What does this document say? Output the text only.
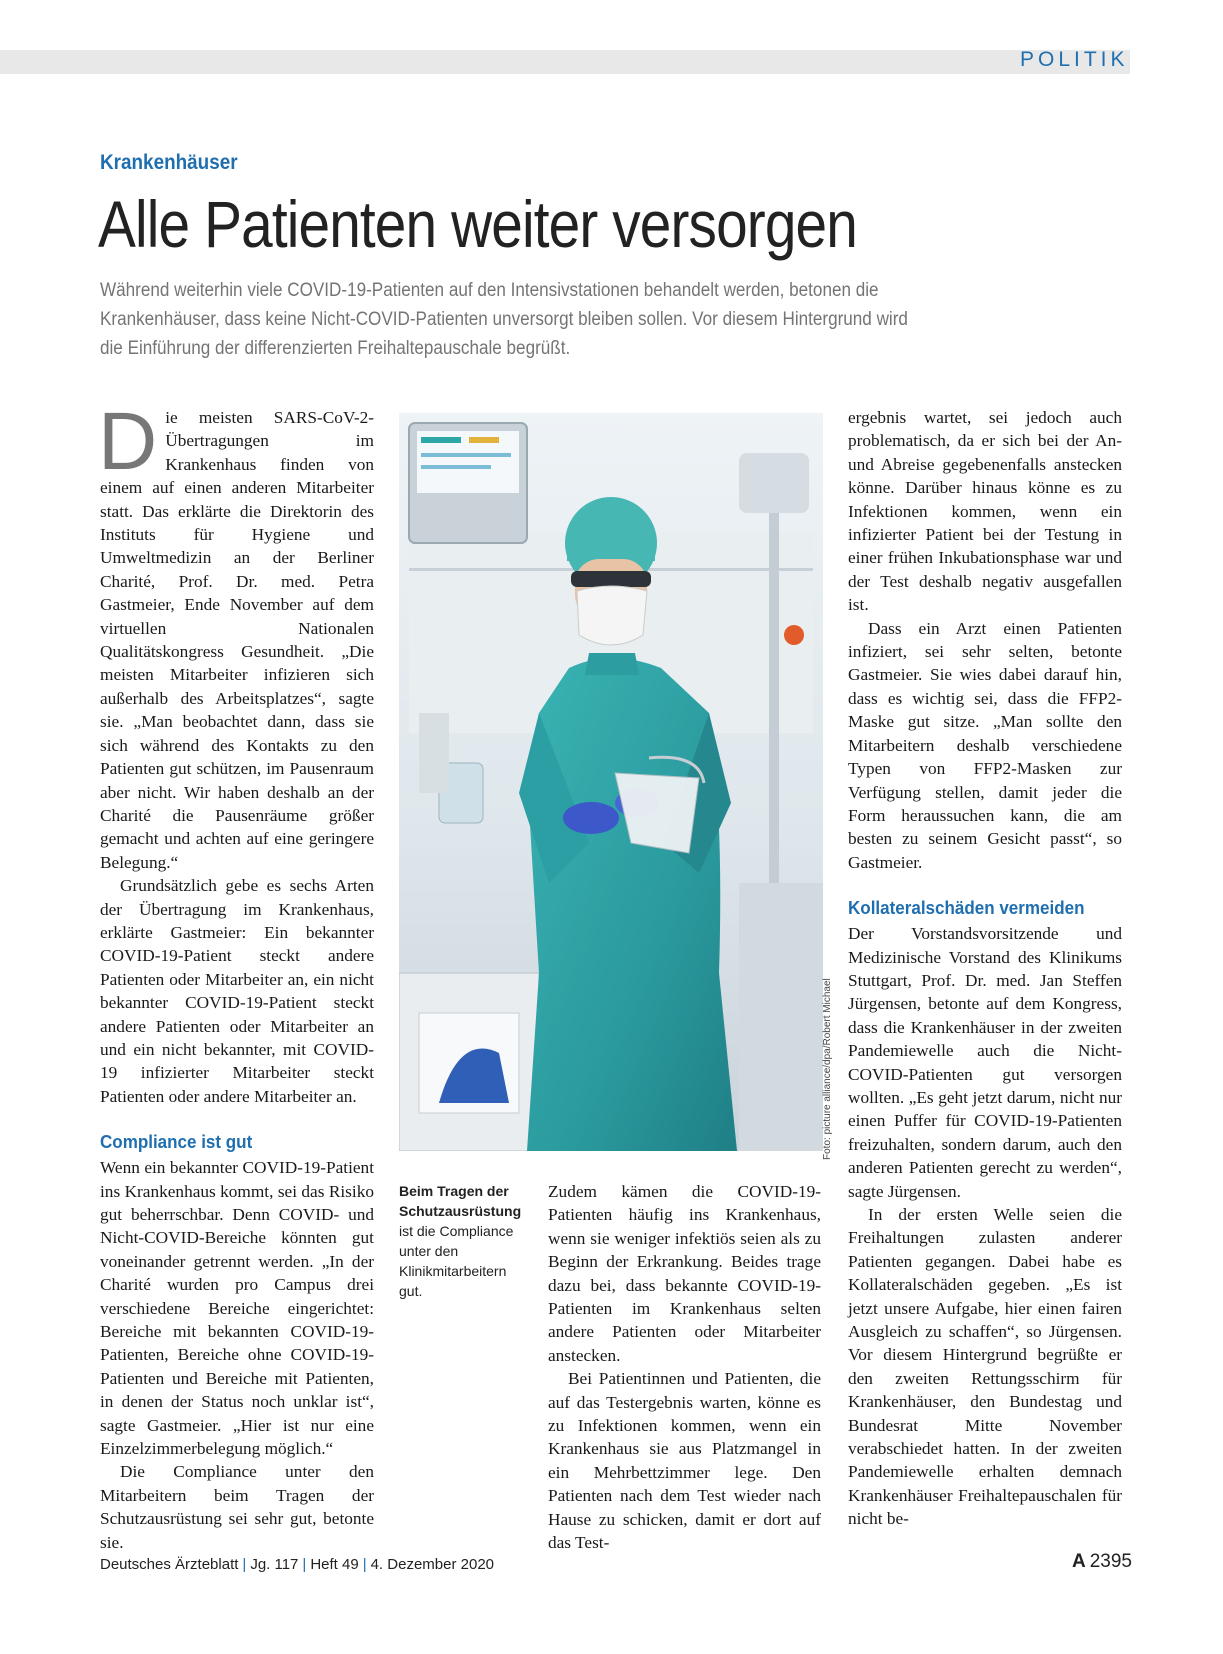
POLITIK
Krankenhäuser
Alle Patienten weiter versorgen

Während weiterhin viele COVID-19-Patienten auf den Intensivstationen behandelt werden, betonen die Krankenhäuser, dass keine Nicht-COVID-Patienten unversorgt bleiben sollen. Vor diesem Hintergrund wird die Einführung der differenzierten Freihaltepauschale begrüßt.

Die meisten SARS-CoV-2-Übertragungen im Krankenhaus finden von einem auf einen anderen Mitarbeiter statt. Das erklärte die Direktorin des Instituts für Hygiene und Umweltmedizin an der Berliner Charité, Prof. Dr. med. Petra Gastmeier, Ende November auf dem virtuellen Nationalen Qualitätskongress Gesundheit. „Die meisten Mitarbeiter infizieren sich außerhalb des Arbeitsplatzes“, sagte sie. „Man beobachtet dann, dass sie sich während des Kontakts zu den Patienten gut schützen, im Pausenraum aber nicht. Wir haben deshalb an der Charité die Pausenräume größer gemacht und achten auf eine geringere Belegung.“

Grundsätzlich gebe es sechs Arten der Übertragung im Krankenhaus, erklärte Gastmeier: Ein bekannter COVID-19-Patient steckt andere Patienten oder Mitarbeiter an, ein nicht bekannter COVID-19-Patient steckt andere Patienten oder Mitarbeiter an und ein nicht bekannter, mit COVID-19 infizierter Mitarbeiter steckt Patienten oder andere Mitarbeiter an.

Compliance ist gut

Wenn ein bekannter COVID-19-Patient ins Krankenhaus kommt, sei das Risiko gut beherrschbar. Denn COVID- und Nicht-COVID-Bereiche könnten gut voneinander getrennt werden. „In der Charité wurden pro Campus drei verschiedene Bereiche eingerichtet: Bereiche mit bekannten COVID-19-Patienten, Bereiche ohne COVID-19-Patienten und Bereiche mit Patienten, in denen der Status noch unklar ist“, sagte Gastmeier. „Hier ist nur eine Einzelzimmerbelegung möglich.“

Die Compliance unter den Mitarbeitern beim Tragen der Schutzausrüstung sei sehr gut, betonte sie.

Foto: picture alliance/dpa/Robert Michael
Beim Tragen der Schutzausrüstung
ist die Compliance unter den Klinikmitarbeitern gut.

Zudem kämen die COVID-19-Patienten häufig ins Krankenhaus, wenn sie weniger infektiös seien als zu Beginn der Erkrankung. Beides trage dazu bei, dass bekannte COVID-19-Patienten im Krankenhaus selten andere Patienten oder Mitarbeiter anstecken.

Bei Patientinnen und Patienten, die auf das Testergebnis warten, könne es zu Infektionen kommen, wenn ein Krankenhaus sie aus Platzmangel in ein Mehrbettzimmer lege. Den Patienten nach dem Test wieder nach Hause zu schicken, damit er dort auf das Test-

ergebnis wartet, sei jedoch auch problematisch, da er sich bei der An- und Abreise gegebenenfalls anstecken könne. Darüber hinaus könne es zu Infektionen kommen, wenn ein infizierter Patient bei der Testung in einer frühen Inkubationsphase war und der Test deshalb negativ ausgefallen ist.

Dass ein Arzt einen Patienten infiziert, sei sehr selten, betonte Gastmeier. Sie wies dabei darauf hin, dass es wichtig sei, dass die FFP2-Maske gut sitze. „Man sollte den Mitarbeitern deshalb verschiedene Typen von FFP2-Masken zur Verfügung stellen, damit jeder die Form heraussuchen kann, die am besten zu seinem Gesicht passt“, so Gastmeier.

Kollateralschäden vermeiden

Der Vorstandsvorsitzende und Medizinische Vorstand des Klinikums Stuttgart, Prof. Dr. med. Jan Steffen Jürgensen, betonte auf dem Kongress, dass die Krankenhäuser in der zweiten Pandemiewelle auch die Nicht-COVID-Patienten gut versorgen wollten. „Es geht jetzt darum, nicht nur einen Puffer für COVID-19-Patienten freizuhalten, sondern darum, auch den anderen Patienten gerecht zu werden“, sagte Jürgensen.

In der ersten Welle seien die Freihaltungen zulasten anderer Patienten gegangen. Dabei habe es Kollateralschäden gegeben. „Es ist jetzt unsere Aufgabe, hier einen fairen Ausgleich zu schaffen“, so Jürgensen. Vor diesem Hintergrund begrüßte er den zweiten Rettungsschirm für Krankenhäuser, den Bundestag und Bundesrat Mitte November verabschiedet hatten. In der zweiten Pandemiewelle erhalten demnach Krankenhäuser Freihaltepauschalen für nicht be-

Deutsches Ärzteblatt | Jg. 117 | Heft 49 | 4. Dezember 2020	A 2395
